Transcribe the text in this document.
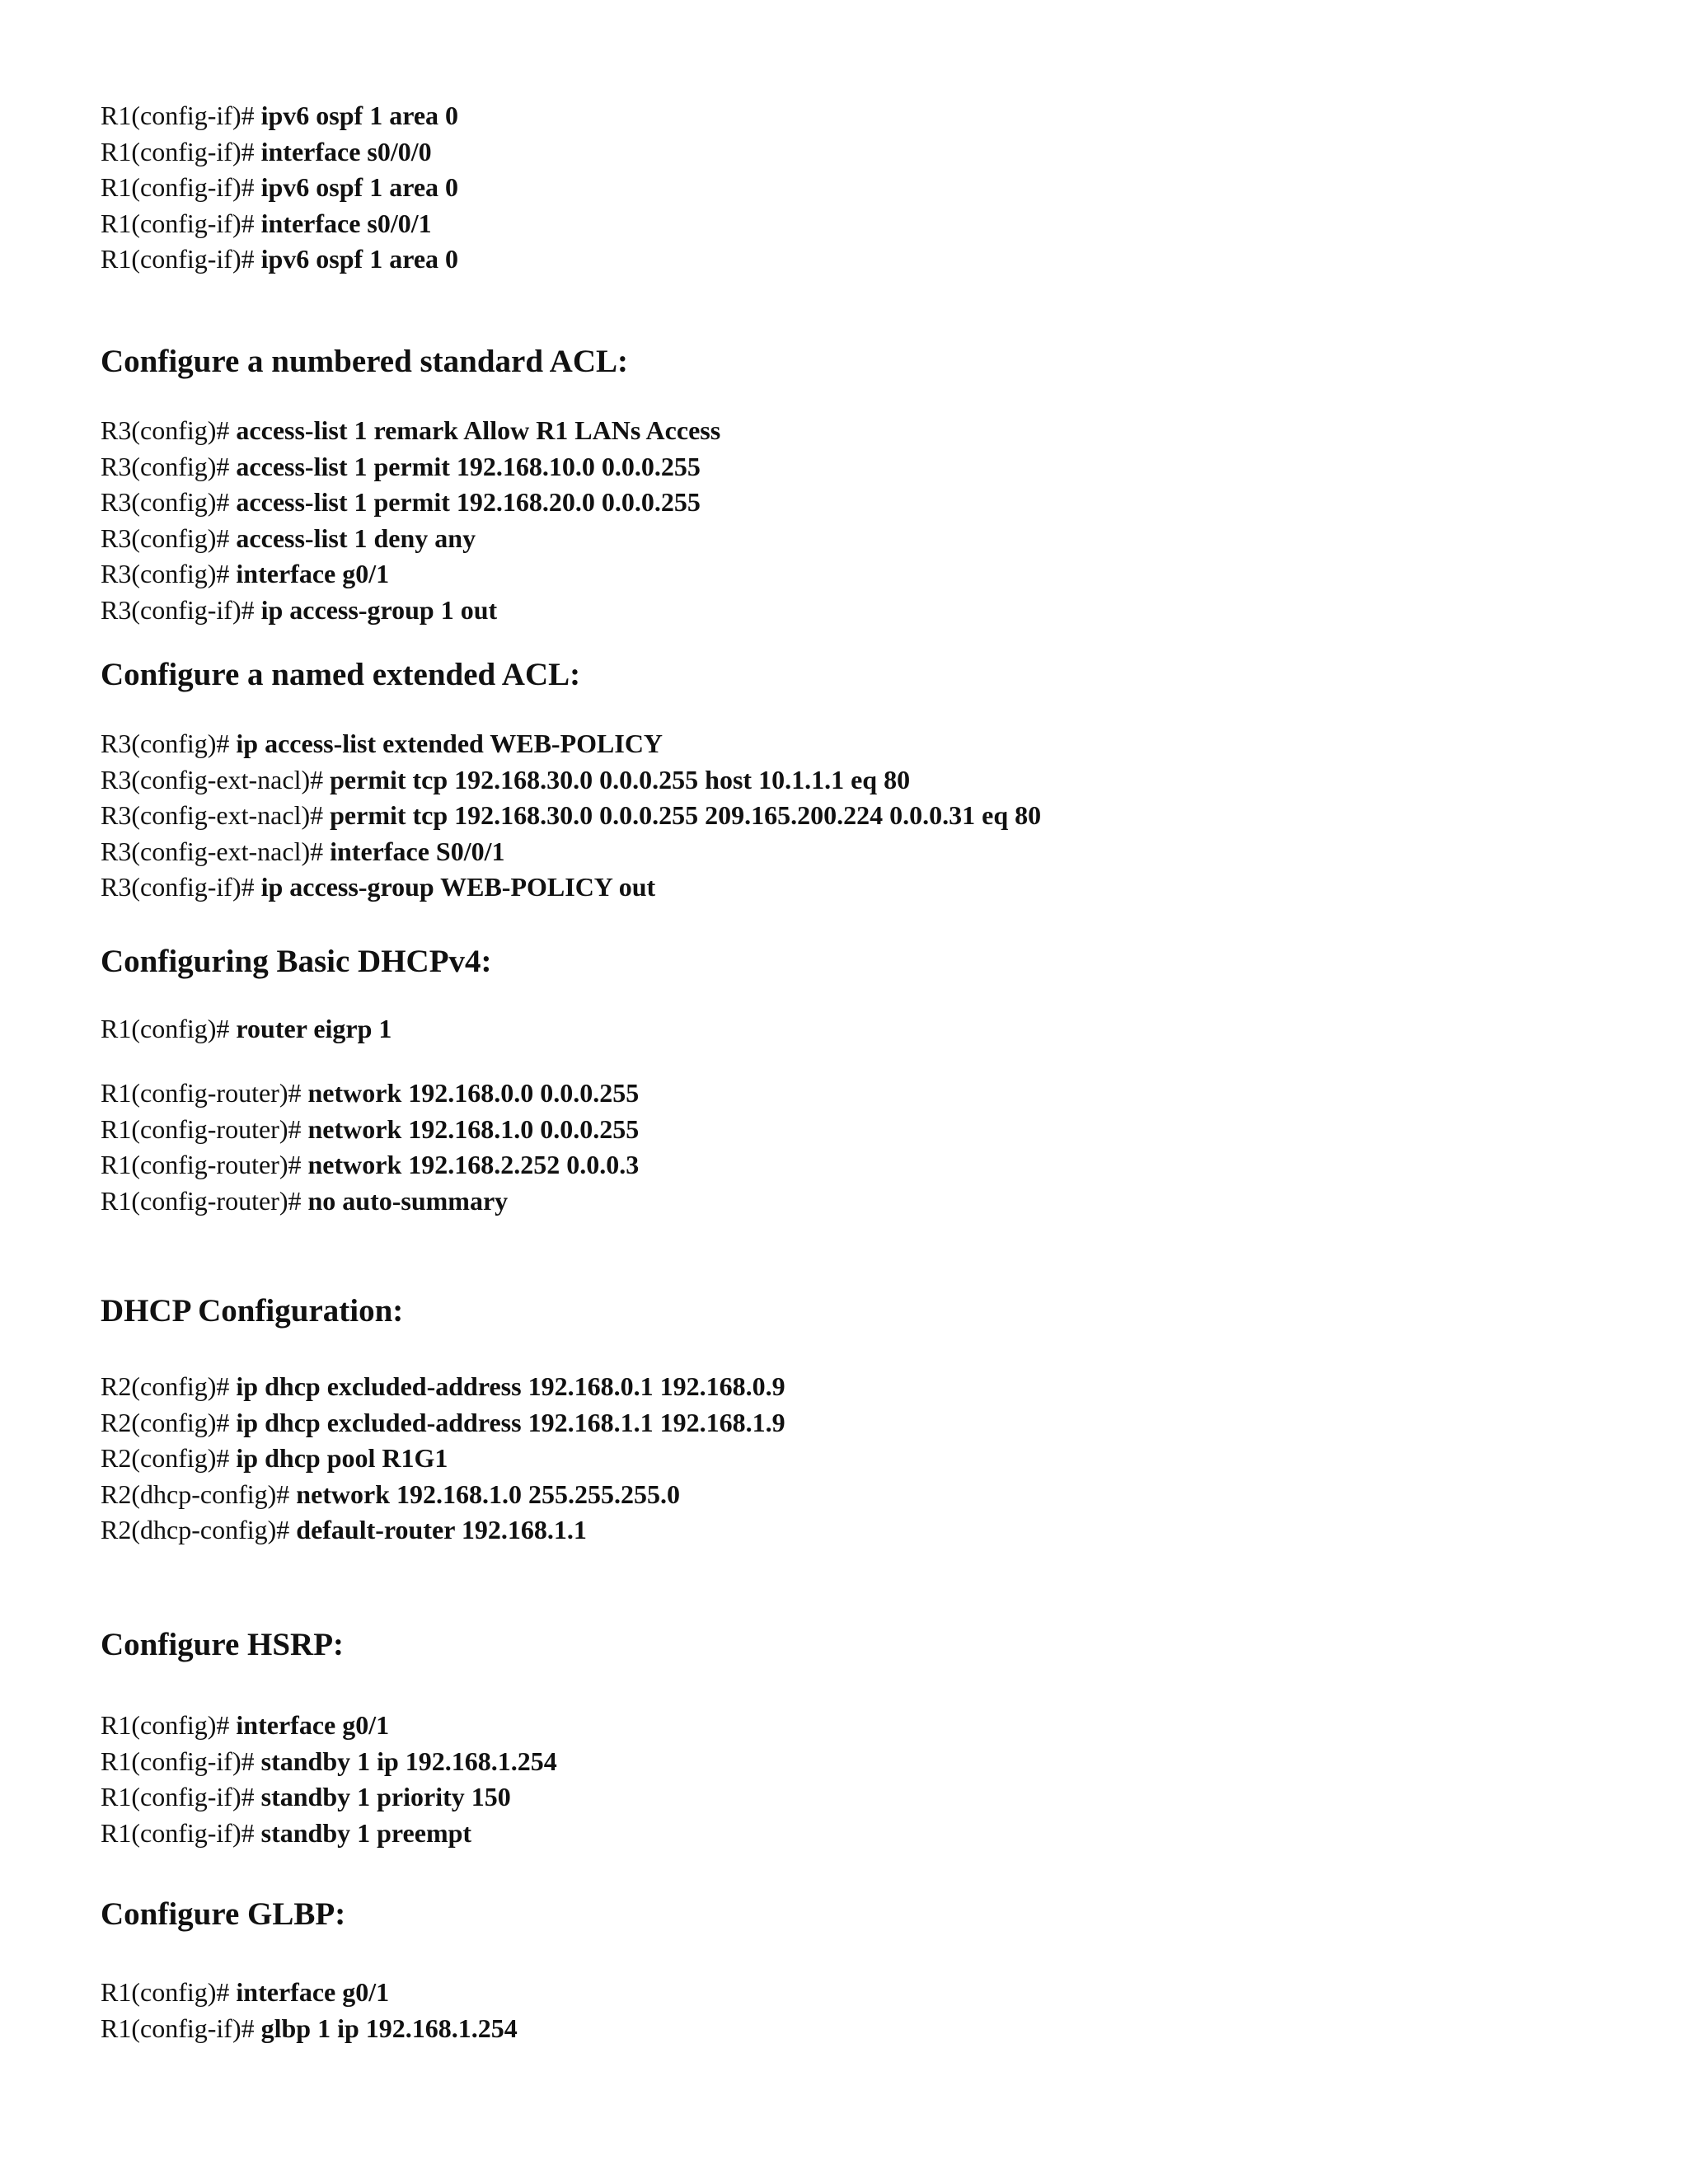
R1(config-if)# ipv6 ospf 1 area 0
R1(config-if)# interface s0/0/0
R1(config-if)# ipv6 ospf 1 area 0
R1(config-if)# interface s0/0/1
R1(config-if)# ipv6 ospf 1 area 0
Configure a numbered standard ACL:
R3(config)# access-list 1 remark Allow R1 LANs Access
R3(config)# access-list 1 permit 192.168.10.0 0.0.0.255
R3(config)# access-list 1 permit 192.168.20.0 0.0.0.255
R3(config)# access-list 1 deny any
R3(config)# interface g0/1
R3(config-if)# ip access-group 1 out
Configure a named extended ACL:
R3(config)# ip access-list extended WEB-POLICY
R3(config-ext-nacl)# permit tcp 192.168.30.0 0.0.0.255 host 10.1.1.1 eq 80
R3(config-ext-nacl)# permit tcp 192.168.30.0 0.0.0.255 209.165.200.224 0.0.0.31 eq 80
R3(config-ext-nacl)# interface S0/0/1
R3(config-if)# ip access-group WEB-POLICY out
Configuring Basic DHCPv4:
R1(config)# router eigrp 1
R1(config-router)# network 192.168.0.0 0.0.0.255
R1(config-router)# network 192.168.1.0 0.0.0.255
R1(config-router)# network 192.168.2.252 0.0.0.3
R1(config-router)# no auto-summary
DHCP Configuration:
R2(config)# ip dhcp excluded-address 192.168.0.1 192.168.0.9
R2(config)# ip dhcp excluded-address 192.168.1.1 192.168.1.9
R2(config)# ip dhcp pool R1G1
R2(dhcp-config)# network 192.168.1.0 255.255.255.0
R2(dhcp-config)# default-router 192.168.1.1
Configure HSRP:
R1(config)# interface g0/1
R1(config-if)# standby 1 ip 192.168.1.254
R1(config-if)# standby 1 priority 150
R1(config-if)# standby 1 preempt
Configure GLBP:
R1(config)# interface g0/1
R1(config-if)# glbp 1 ip 192.168.1.254
